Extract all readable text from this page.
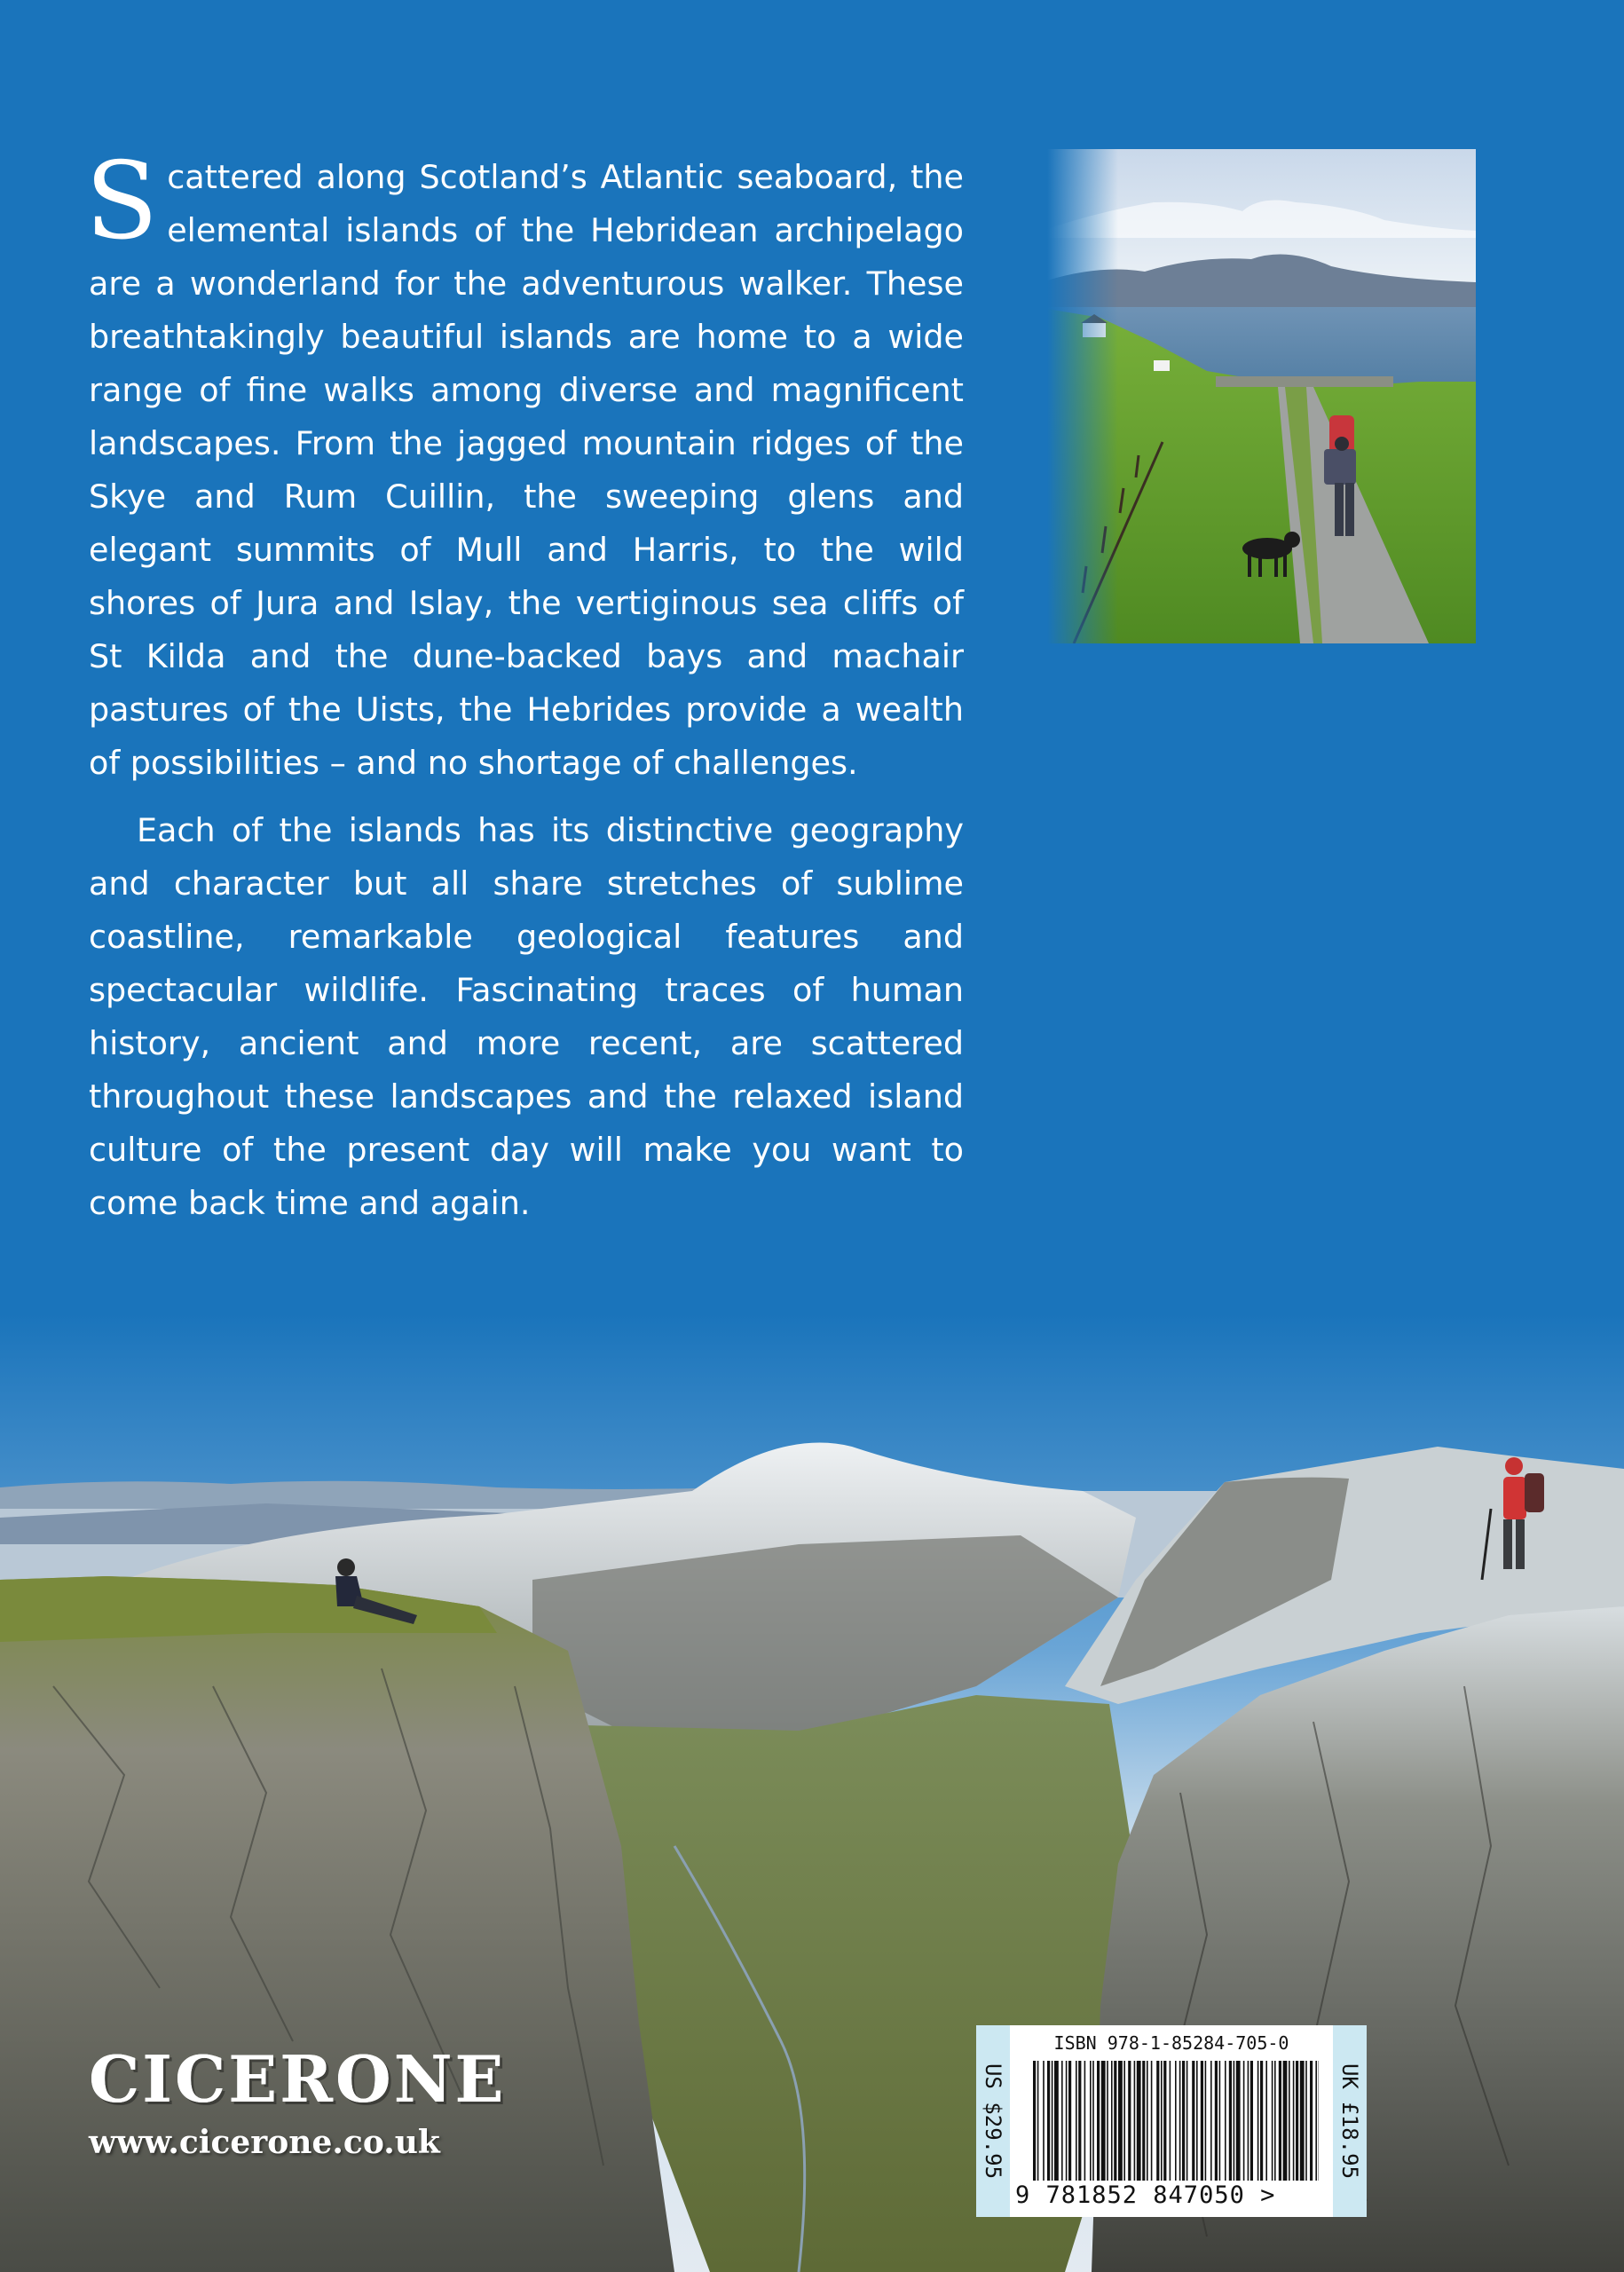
Scattered along Scotland’s Atlantic seaboard, the elemental islands of the Hebridean archipelago are a wonderland for the adventurous walker. These breathtakingly beautiful islands are home to a wide range of fine walks among diverse and magnificent landscapes. From the jagged mountain ridges of the Skye and Rum Cuillin, the sweeping glens and elegant summits of Mull and Harris, to the wild shores of Jura and Islay, the vertiginous sea cliffs of St Kilda and the dune-backed bays and machair pastures of the Uists, the Hebrides provide a wealth of possibilities – and no shortage of challenges.

Each of the islands has its distinctive geography and character but all share stretches of sublime coastline, remarkable geological features and spectacular wildlife. Fascinating traces of human history, ancient and more recent, are scattered throughout these landscapes and the relaxed island culture of the present day will make you want to come back time and again.

CICERONE
www.cicerone.co.uk	US $29.95
ISBN 978-1-85284-705-0
9 781852 847050 >
UK £18.95
